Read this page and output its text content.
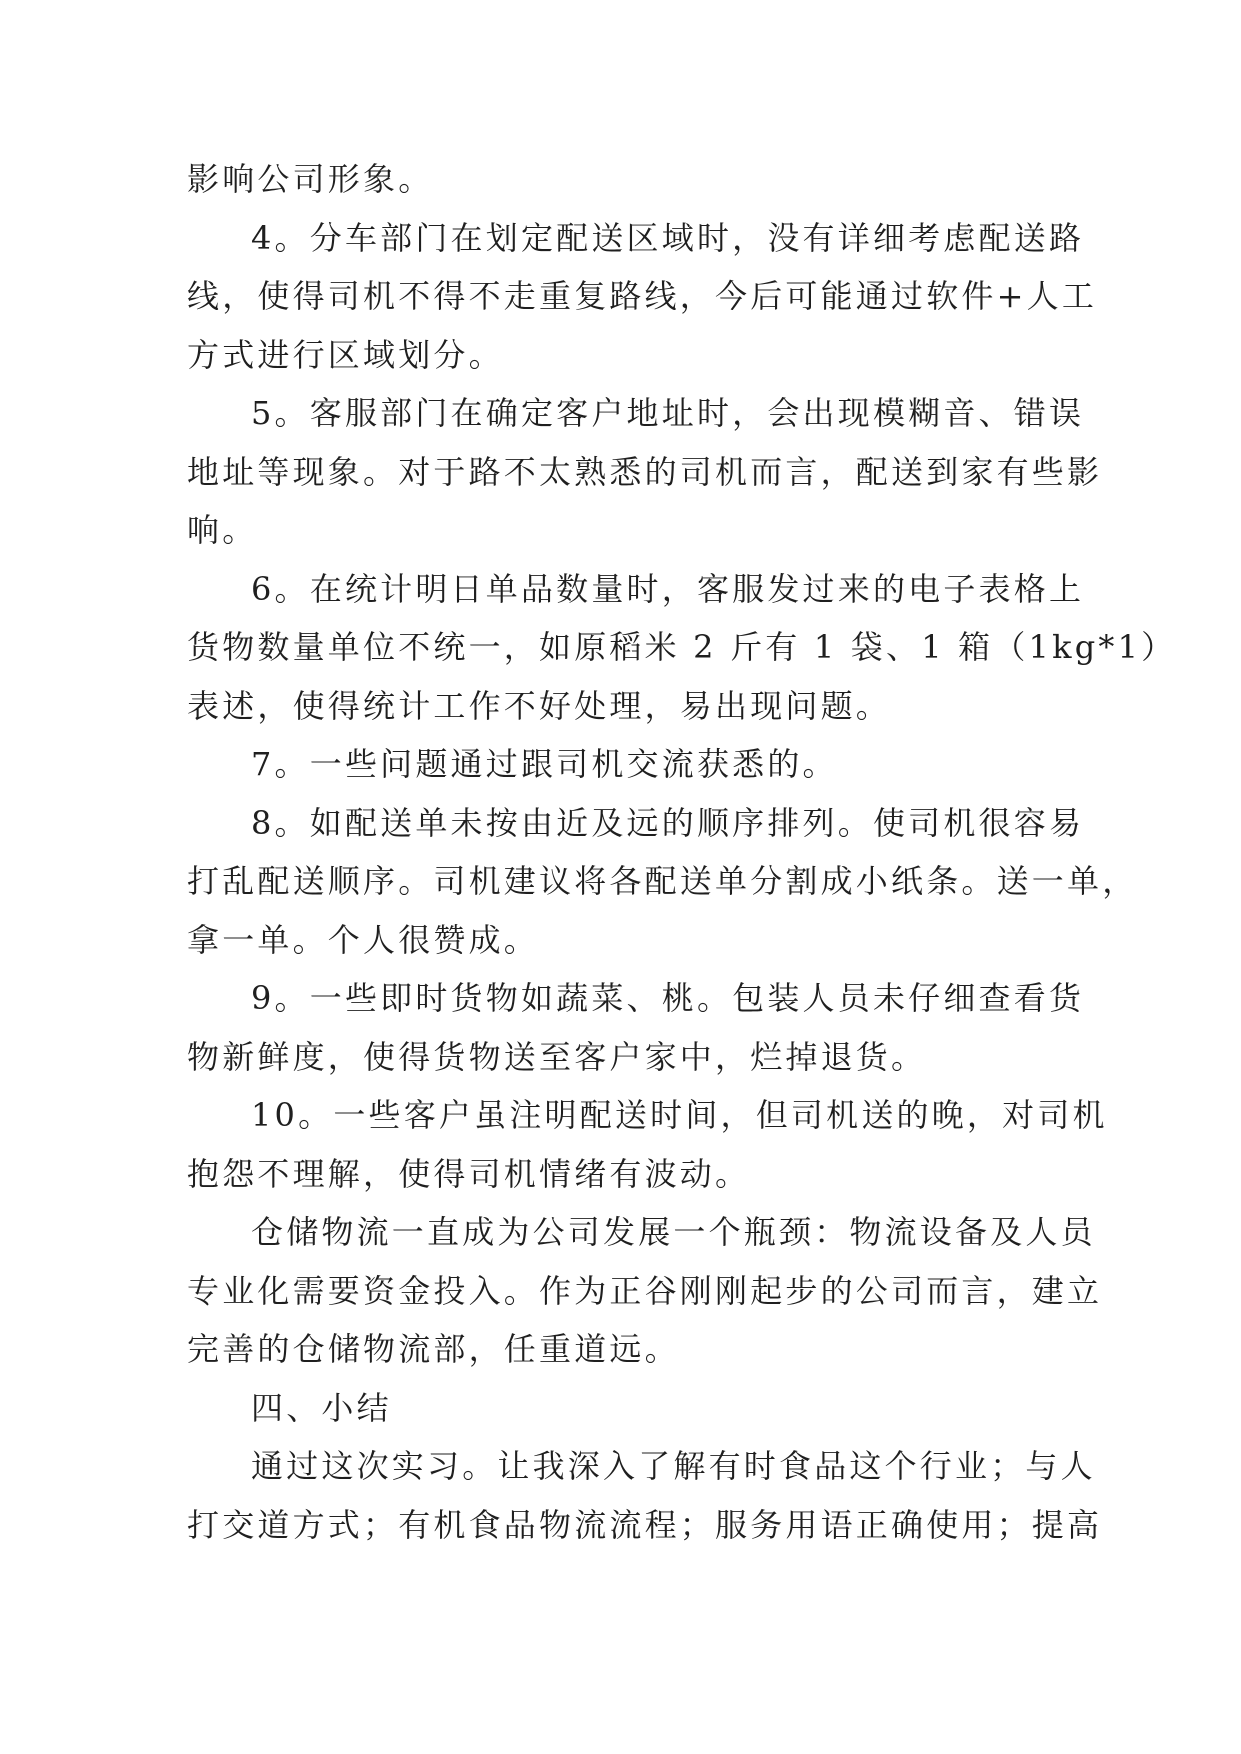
影响公司形象。

4。分车部门在划定配送区域时，没有详细考虑配送路
线，使得司机不得不走重复路线，今后可能通过软件+人工
方式进行区域划分。

5。客服部门在确定客户地址时，会出现模糊音、错误
地址等现象。对于路不太熟悉的司机而言，配送到家有些影
响。

6。在统计明日单品数量时，客服发过来的电子表格上
货物数量单位不统一，如原稻米 2 斤有 1 袋、1 箱（1kg*1）
表述，使得统计工作不好处理，易出现问题。

7。一些问题通过跟司机交流获悉的。

8。如配送单未按由近及远的顺序排列。使司机很容易
打乱配送顺序。司机建议将各配送单分割成小纸条。送一单，
拿一单。个人很赞成。

9。一些即时货物如蔬菜、桃。包装人员未仔细查看货
物新鲜度，使得货物送至客户家中，烂掉退货。

10。一些客户虽注明配送时间，但司机送的晚，对司机
抱怨不理解，使得司机情绪有波动。

仓储物流一直成为公司发展一个瓶颈：物流设备及人员
专业化需要资金投入。作为正谷刚刚起步的公司而言，建立
完善的仓储物流部，任重道远。

四、小结

通过这次实习。让我深入了解有时食品这个行业；与人
打交道方式；有机食品物流流程；服务用语正确使用；提高
